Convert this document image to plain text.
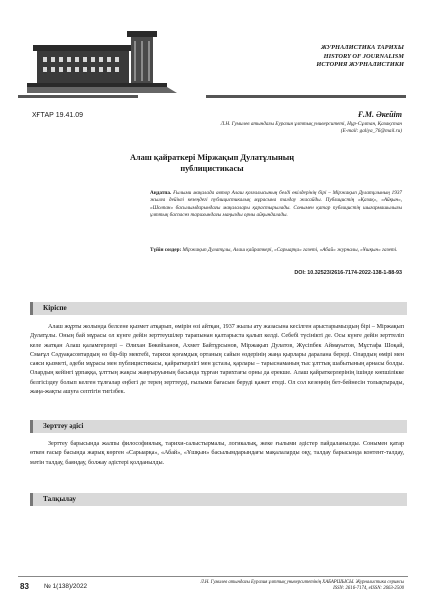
ЖУРНАЛИСТИКА ТАРИХЫ
HISTORY OF JOURNALISM
ИСТОРИЯ ЖУРНАЛИСТИКИ
ХҒТАР 19.41.09	Ғ.М. Әкейіт
Л.Н. Гумилев атындағы Еуразия ұлттық университеті, Нұр-Сұлтан, Қазақстан
(E-mail: galiya_76@mail.ru)
Алаш қайраткері Міржақып Дулатұлының
публицистикасы
Аңдатпа. Ғылыми мақалада автор Алаш қозғалысының белді өкілдерінің бірі – Міржақып Дулатұлының 1937 жылға дейінгі кезеңдегі публицистикалық мұрасына талдау жасайды. Публицистің «Қазақ», «Айқын», «Шолпан» басылымдарындағы мақалалары қарастырылады. Сонымен қатар публицистің шығармашылығы ұлттық баспасөз тарихындағы маңызды орны айқындалады.
Түйін сөздер: Міржақып Дулатұлы, Алаш қайраткері, «Сарыарқа» газеті, «Абай» журналы, «Ұшқын» газеті.
DOI: 10.32523/2616-7174-2022-138-1-88-93
Кіріспе

Алаш жұрты жолында белсене қызмет атқарып, өмірін өзі айтқан, 1937 жылы ату жазасына кесілген арыстарымыздың бірі – Міржақып Дулатұлы. Оның бай мұрасы ол күнге дейін зерттеушілер тарапынан қалтарыста қалып келді. Себебі түсінікті де. Осы күнге дейін зерттеліп келе жатқан Алаш қаламгерлері – Әлихан Бөкейханов, Ахмет Байтұрсынов, Міржақып Дулатов, Жүсіпбек Аймауытов, Мұстафа Шоқай, Смағұл Сәдуақасовтардың өз бір-бір мектебі, тарихи қоғамдық ортаның сайын өздерінің жаңа қырлары даралана береді. Олардың өмірі мен саяси қызметі, әдеби мұрасы мен публицистикасы, қайраткерлігі мен ұстазы, қарлары – тарыснаманың тыс ұлттық шабытының арнасы болды. Олардың кейінгі ұрпаққа, ұлттың жақсы жаңғыруының басында тұрған тарихтағы орны да ерекше. Алаш қайраткерлерінің ішінде көпшілікке белгісіздеу болып келген тұлғалар еңбегі де терең зерттеуді, ғылыми бағасын беруді қажет етеді. Ол сол кезеңнің бет-бейнесін толықтырады, жаңа-жақты ашуға септігін тигізбек.

Зерттеу әдісі

Зерттеу барысында жалпы философиялық, тарихи-салыстырмалы, логикалық, жеке ғылыми әдістер пайдаланылды. Сонымен қатар өткен ғасыр басында жарық көрген «Сарыарқа», «Абай», «Ұшқын» басылымдарындағы мақалаларды оқу, талдау барысында контент-талдау, мәтін талдау, баяндау, болжау әдістері қолданылды.

Талқылау
83 № 1(138)/2022
Л.Н. Гумилев атындағы Еуразия ұлттық университетінің ХАБАРШЫСЫ. Журналистика сериясы
ISSN: 2616-7174, eISSN: 2663-2500
